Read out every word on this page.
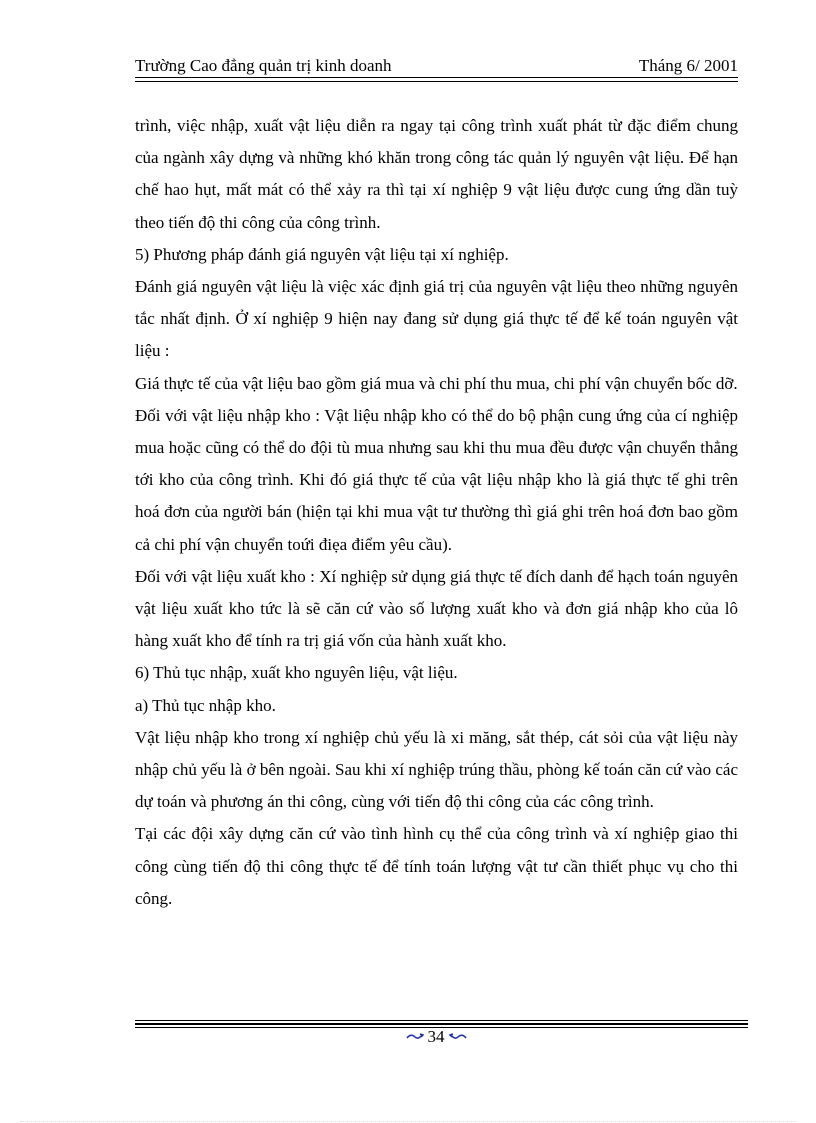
Trường Cao đẳng quản trị kinh doanh	Tháng 6/ 2001

trình, việc nhập, xuất vật liệu diễn ra ngay tại công trình xuất phát từ đặc điểm chung của ngành xây dựng và những khó khăn trong công tác quản lý nguyên vật liệu. Để hạn chế hao hụt, mất mát có thể xảy ra thì tại xí nghiệp 9 vật liệu được cung ứng dần tuỳ theo tiến độ thi công của công trình.

5) Phương pháp đánh giá nguyên vật liệu tại xí nghiệp.

Đánh giá nguyên vật liệu là việc xác định giá trị của nguyên vật liệu theo những nguyên tắc nhất định. Ở xí nghiệp 9 hiện nay đang sử dụng giá thực tế để kế toán nguyên vật liệu :

Giá thực tế của vật liệu bao gồm giá mua và chi phí thu mua, chi phí vận chuyển bốc dỡ.

Đối với vật liệu nhập kho : Vật liệu nhập kho có thể do bộ phận cung ứng của cí nghiệp mua hoặc cũng có thể do đội tù mua nhưng sau khi thu mua đều được vận chuyển thẳng tới kho của công trình. Khi đó giá thực tế của vật liệu nhập kho là giá thực tế ghi trên hoá đơn của người bán (hiện tại khi mua vật tư thường thì giá ghi trên hoá đơn bao gồm cả chi phí vận chuyển toứi điẹa điểm yêu cầu).

Đối với vật liệu xuất kho : Xí nghiệp sử dụng giá thực tế đích danh để hạch toán nguyên vật liệu xuất kho tức là sẽ căn cứ vào số lượng xuất kho và đơn giá nhập kho của lô hàng xuất kho để tính ra trị giá vốn của hành xuất kho.

6) Thủ tục nhập, xuất kho nguyên liệu, vật liệu.

a) Thủ tục nhập kho.

Vật liệu nhập kho trong xí nghiệp chủ yếu là xi măng, sắt thép, cát sỏi của vật liệu này nhập chủ yếu là ở bên ngoài. Sau khi xí nghiệp trúng thầu, phòng kế toán căn cứ vào các dự toán và phương án thi công, cùng với tiến độ thi công của các công trình.

Tại các đội xây dựng căn cứ vào tình hình cụ thể của công trình và xí nghiệp giao thi công cùng tiến độ thi công thực tế để tính toán lượng vật tư cần thiết phục vụ cho thi công.

34
